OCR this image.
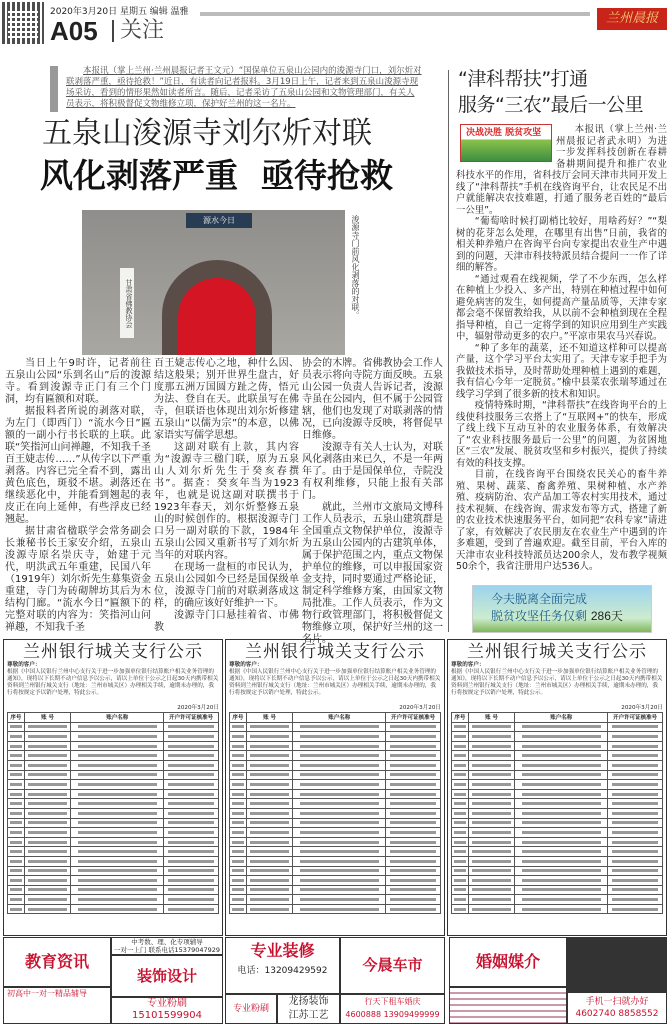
2020年3月20日 星期五 编辑 温雅
A05	关注	兰州晨报
本报讯（掌上兰州·兰州晨报记者王文元）“国保单位五泉山公园内的浚源寺门口，刘尔炘对联剥落严重，亟待抢救！”近日，有读者向记者报料。3月19日上午，记者来到五泉山浚源寺现场采访，看到的情形果然如读者所言。随后，记者采访了五泉山公园和文物管理部门，有关人员表示，将积极督促文物维修立项，保护好兰州的这一名片。
五泉山浚源寺刘尔炘对联
风化剥落严重  亟待抢救
源水今日
甘肃省佛教协会	浚源寺门前风化剥落的对联。

当日上午9时许，记者前往五泉山公园“乐到名山”后的浚源寺。看到浚源寺正门有三个门洞，均有匾额和对联。

据报料者所说的剥落对联，为左门（即西门）“流水今日”匾额的一副小行书长联的上联。此联“笑指河山问禅趣，不知我千圣百王婕志传……”从传字以下严重剥落。内容已完全看不到，露出黄色底色，斑驳不堪。剥落还在继续恶化中，并能看到翘起的表皮正在向上延伸，有些浮皮已经翘起。

据甘肃省楹联学会常务副会长兼秘书长王家安介绍，五泉山浚源寺原名崇庆寺，始建于元代，明洪武五年重建，民国八年（1919年）刘尔炘先生募集资金重建，寺门为砖砌牌坊其后为木结构门廊。“流水今日”匾额下的完整对联的内容为：笑指河山问禅趣，不知我千圣

百王婕志传心之地，种什么因、结这般果；别开世界生盘古，好度那五洲万国圆方趾之俦，悟元为法、登自在天。此联虽写在佛寺，但联语也体现出刘尔炘修建五泉山“以儒为宗”的本意，以佛家语实写儒学思想。

这副对联有上款，其内容为“浚源寺三楹门联，原为五泉山人刘尔炘先生于癸亥春撰书”。据查：癸亥年当为1923年，也就是说这副对联撰书于1923年春天，刘尔炘整修五泉山的时候创作的。根据浚源寺门口另一副对联的下款，1984年五泉山公园又重新书写了刘尔炘当年的对联内容。

在现场一盘桓的市民认为，五泉山公园如今已经是国保级单位，浚源寺门前的对联剥落成这样，的确应该好好维护一下。

浚源寺门口悬挂着省、市佛教

协会的木牌。省佛教协会工作人员表示将向寺院方面反映。五泉山公园一负责人告诉记者，浚源寺虽在公园内，但不属于公园管辖，他们也发现了对联剥落的情况，已向浚源寺反映，将督促早日维修。

浚源寺有关人士认为，对联风化剥落由来已久，不是一年两年了。由于是国保单位，寺院没有权利维修，只能上报有关部门。

就此，兰州市文旅局文博科工作人员表示，五泉山建筑群是全国重点文物保护单位，浚源寺为五泉山公园内的古建筑单体，属于保护范围之内，重点文物保护单位的维修，可以申报国家资金支持，同时要通过严格论证，制定科学维修方案，由国家文物局批准。工作人员表示，作为文物行政管理部门，将积极督促文物维修立项，保护好兰州的这一名片。

“津科帮扶”打通
服务“三农”最后一公里

本报讯（掌上兰州·兰州晨报记者武永明）为进一步发挥科技创新在春耕备耕期间提升和推广农业科技水平的作用，省科技厅会同天津市共同开发上线了“津科帮扶”手机在线咨询平台，让农民足不出户就能解决农技难题，打通了服务老百姓的“最后一公里”。

“葡萄啥时候打副梢比较好，用啥药好？”“梨树的花芽怎么处理，在哪里有出售”日前，我省的相关种养殖户在咨询平台向专家提出农业生产中遇到的问题，天津市科技特派员结合提问一一作了详细的解答。

“通过观看在线视频，学了不少东西，怎么样在种植上少投入、多产出，特别在种植过程中如何避免病害的发生，如何提高产量品质等，天津专家都会毫不保留教给我，从以前不会种植到现在全程指导种植，自己一定将学到的知识应用到生产实践中，辐射带动更多的农户。”平凉市果农马兴春说。

“种了多年的蔬菜，还不知道这样种可以提高产量，这个学习平台太实用了。天津专家手把手为我做技术指导，及时帮助处理种植上遇到的难题，我有信心今年一定脱贫。”榆中县菜农张瑞琴通过在线学习学到了很多新的技术和知识。

疫情特殊时期，“津科帮扶”在线咨询平台的上线使科技服务三农搭上了“互联网+”的快车，形成了线上线下互动互补的农业服务体系，有效解决了“农业科技服务最后一公里”的问题，为贫困地区“三农”发展、脱贫攻坚和乡村振兴，提供了持续有效的科技支撑。

目前，在线咨询平台围绕农民关心的畜牛养殖、果树、蔬菜、畜禽养殖、果树种植、水产养殖、疫病防治、农产品加工等农村实用技术，通过技术视频、在线咨询、需求发布等方式，搭建了新的农业技术快速服务平台，如同把“农科专家”请进了家，有效解决了农民朋友在农业生产中遇到的许多难题，受到了普遍欢迎。截至目前，平台入库的天津市农业科技特派员达200余人，发布教学视频50余个，我省注册用户达536人。

决战决胜 脱贫攻坚
今夫脱离全面完成
脱贫攻坚任务仅剩 286天
兰州银行城关支行公示
尊敬的客户：
根据《中国人民银行兰州中心支行关于进一步加强单位银行结算账户相关业务管理的通知》，现将以下长期不动户信息予以公示，请以上单位于公示之日起30天内携带相关资料到兰州银行城关支行（地址：兰州市城关区）办理相关手续，逾期未办理的，我行将按规定予以销户处理，特此公示。
2020年3月20日
序号	账 号	账户名称	开户许可证核准号

兰州银行城关支行公示
尊敬的客户：
根据《中国人民银行兰州中心支行关于进一步加强单位银行结算账户相关业务管理的通知》，现将以下长期不动户信息予以公示，请以上单位于公示之日起30天内携带相关资料到兰州银行城关支行（地址：兰州市城关区）办理相关手续，逾期未办理的，我行将按规定予以销户处理，特此公示。
2020年3月20日
序号	账 号	账户名称	开户许可证核准号

兰州银行城关支行公示
尊敬的客户：
根据《中国人民银行兰州中心支行关于进一步加强单位银行结算账户相关业务管理的通知》，现将以下长期不动户信息予以公示，请以上单位于公示之日起30天内携带相关资料到兰州银行城关支行（地址：兰州市城关区）办理相关手续，逾期未办理的，我行将按规定予以销户处理，特此公示。
2020年3月20日
序号	账 号	账户名称	开户许可证核准号

教育资讯
中考数、理、化专项辅导
一对一上门 联系电话15379047929
装饰设计
初高中一对一精品辅导
专业粉刷
15101599904
专业装修
电话：13209429592
专业粉刷
龙扬装饰
江苏工艺
今晨车市
行天下租车婚庆
4600888 13909499999
婚姻媒介
手机一扫就办好
4602740 8858552
